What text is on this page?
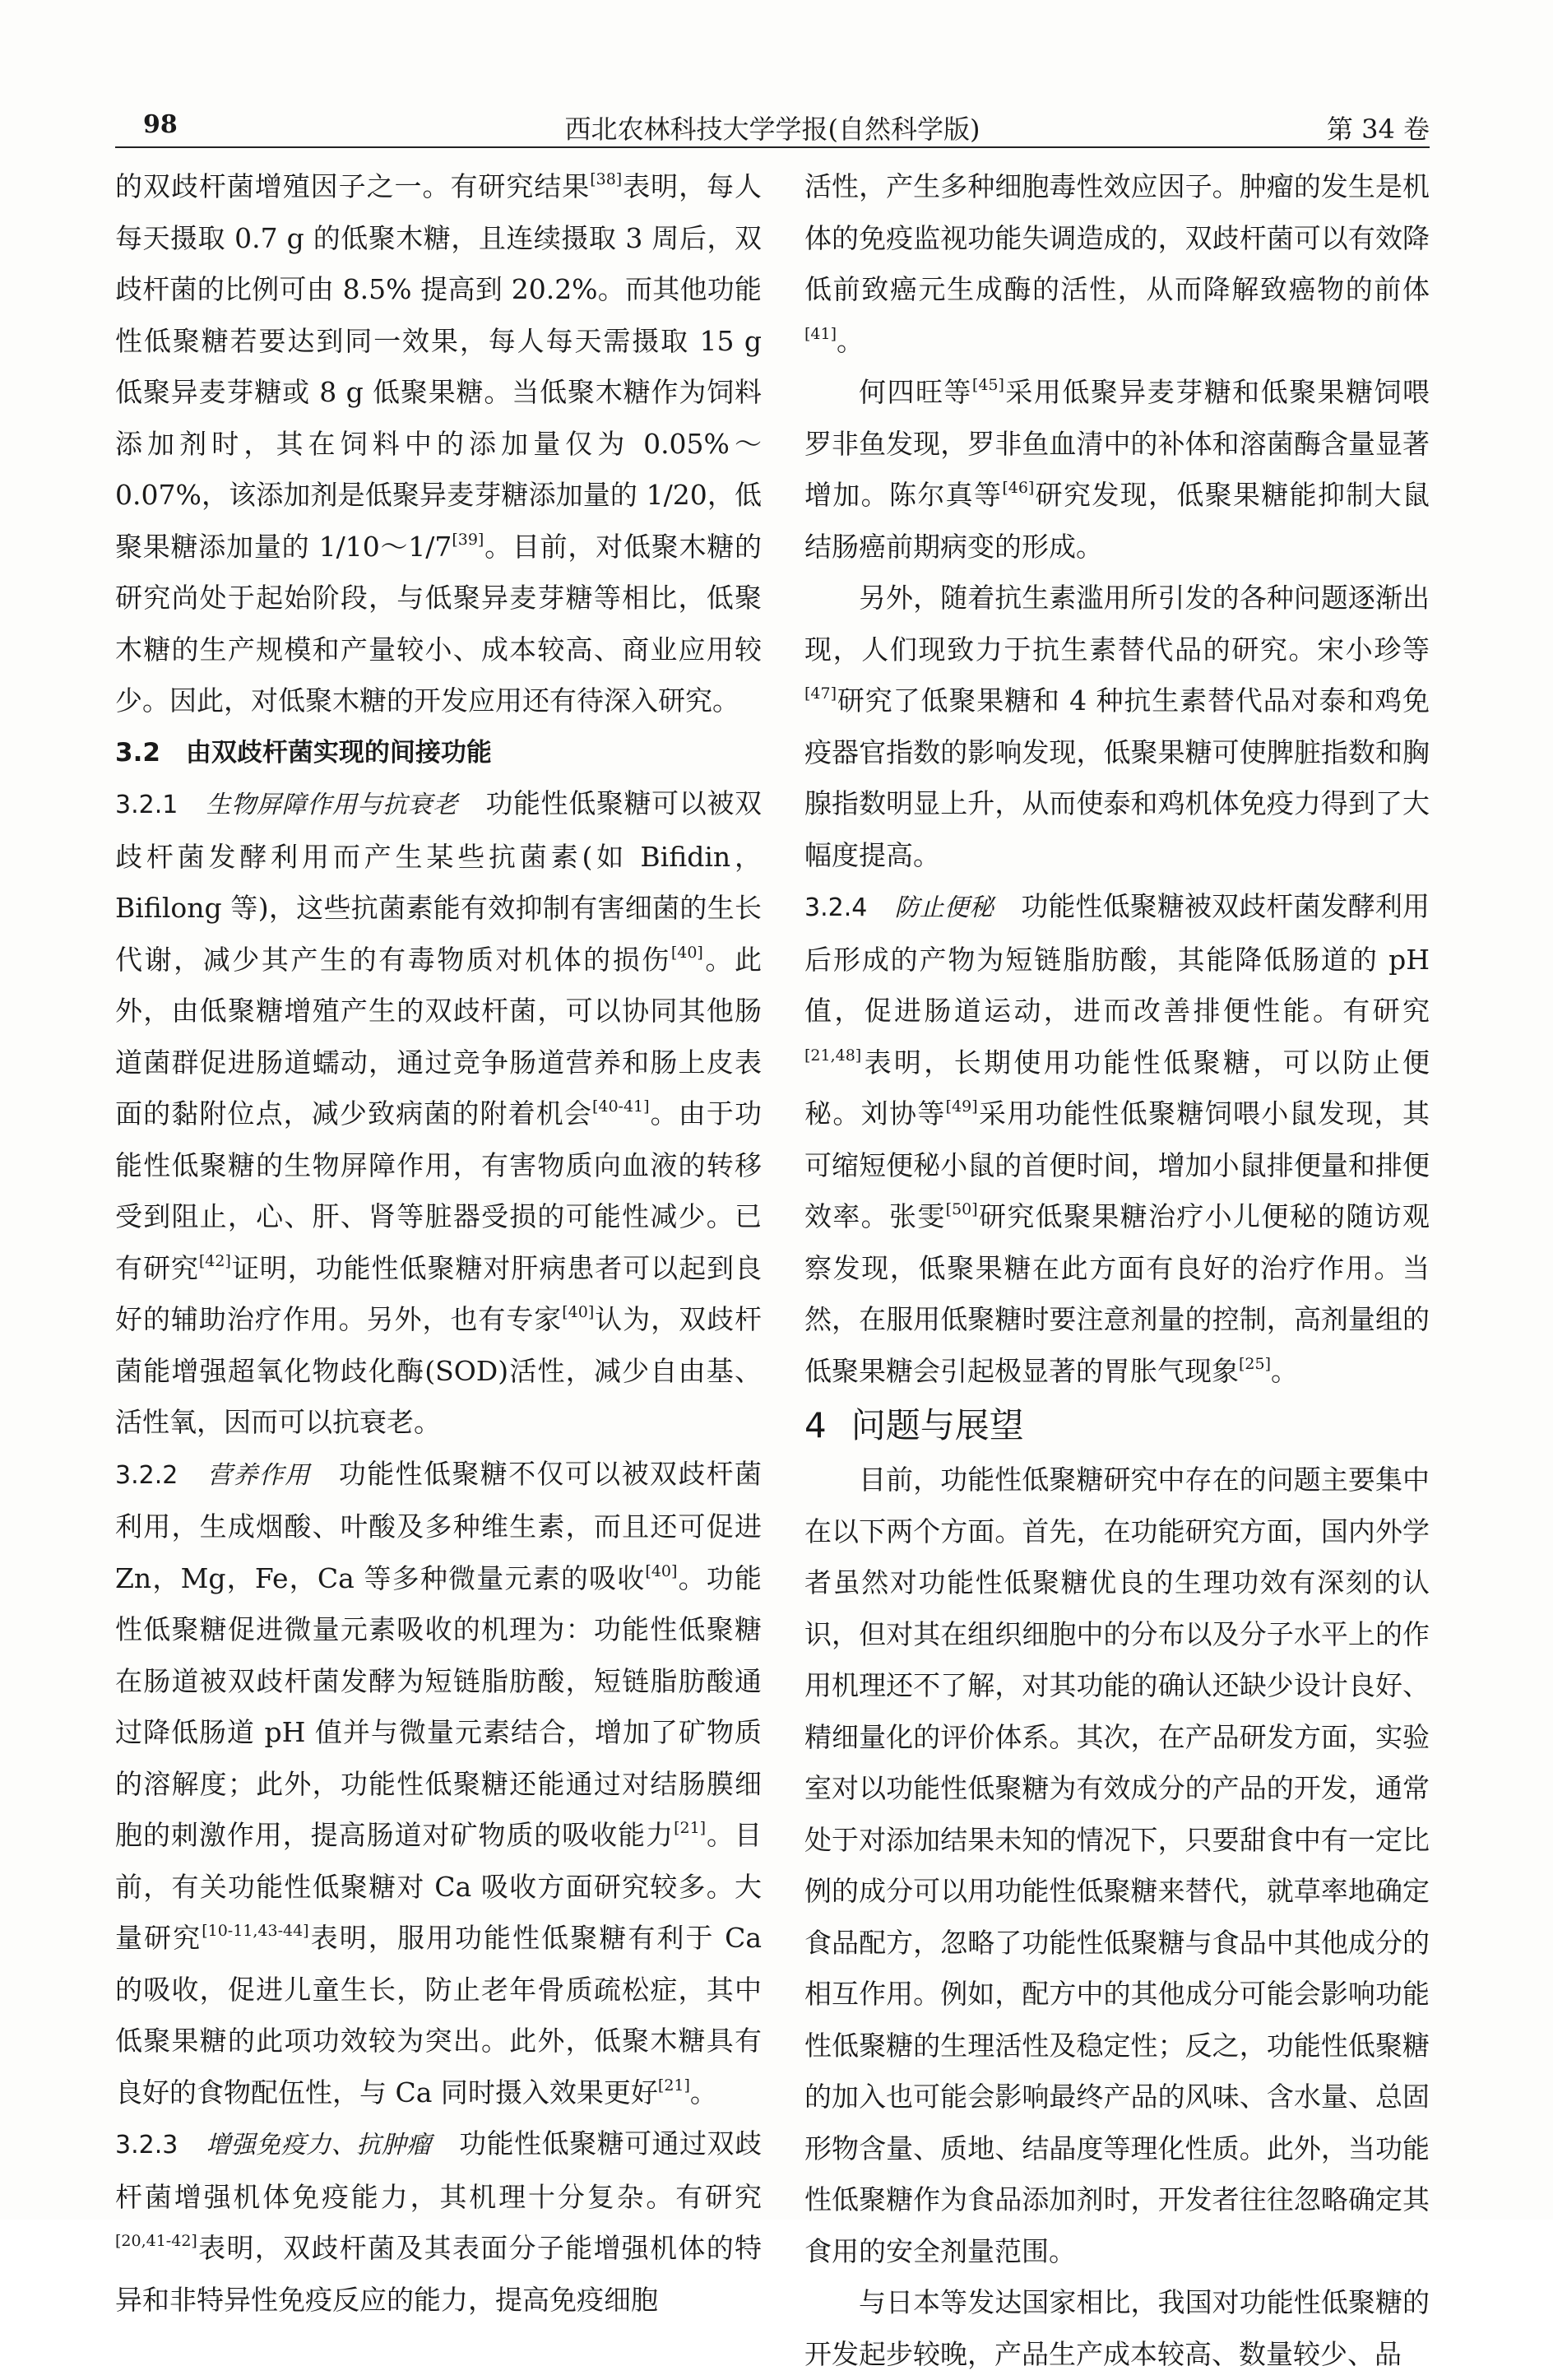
98	西北农林科技大学学报(自然科学版)	第 34 卷

的双歧杆菌增殖因子之一。有研究结果[38]表明，每人每天摄取 0.7 g 的低聚木糖，且连续摄取 3 周后，双歧杆菌的比例可由 8.5% 提高到 20.2%。而其他功能性低聚糖若要达到同一效果，每人每天需摄取 15 g 低聚异麦芽糖或 8 g 低聚果糖。当低聚木糖作为饲料添加剂时，其在饲料中的添加量仅为 0.05%～0.07%，该添加剂是低聚异麦芽糖添加量的 1/20，低聚果糖添加量的 1/10～1/7[39]。目前，对低聚木糖的研究尚处于起始阶段，与低聚异麦芽糖等相比，低聚木糖的生产规模和产量较小、成本较高、商业应用较少。因此，对低聚木糖的开发应用还有待深入研究。

3.2　由双歧杆菌实现的间接功能

3.2.1　 生物屏障作用与抗衰老　 功能性低聚糖可以被双歧杆菌发酵利用而产生某些抗菌素(如 Bifidin，Bifilong 等)，这些抗菌素能有效抑制有害细菌的生长代谢，减少其产生的有毒物质对机体的损伤[40]。此外，由低聚糖增殖产生的双歧杆菌，可以协同其他肠道菌群促进肠道蠕动，通过竞争肠道营养和肠上皮表面的黏附位点，减少致病菌的附着机会[40-41]。由于功能性低聚糖的生物屏障作用，有害物质向血液的转移受到阻止，心、肝、肾等脏器受损的可能性减少。已有研究[42]证明，功能性低聚糖对肝病患者可以起到良好的辅助治疗作用。另外，也有专家[40]认为，双歧杆菌能增强超氧化物歧化酶(SOD)活性，减少自由基、活性氧，因而可以抗衰老。

3.2.2　 营养作用　 功能性低聚糖不仅可以被双歧杆菌利用，生成烟酸、叶酸及多种维生素，而且还可促进 Zn，Mg，Fe，Ca 等多种微量元素的吸收[40]。功能性低聚糖促进微量元素吸收的机理为：功能性低聚糖在肠道被双歧杆菌发酵为短链脂肪酸，短链脂肪酸通过降低肠道 pH 值并与微量元素结合，增加了矿物质的溶解度；此外，功能性低聚糖还能通过对结肠膜细胞的刺激作用，提高肠道对矿物质的吸收能力[21]。目前，有关功能性低聚糖对 Ca 吸收方面研究较多。大量研究[10-11,43-44]表明，服用功能性低聚糖有利于 Ca 的吸收，促进儿童生长，防止老年骨质疏松症，其中低聚果糖的此项功效较为突出。此外，低聚木糖具有良好的食物配伍性，与 Ca 同时摄入效果更好[21]。

3.2.3　 增强免疫力、抗肿瘤　 功能性低聚糖可通过双歧杆菌增强机体免疫能力，其机理十分复杂。有研究[20,41-42]表明，双歧杆菌及其表面分子能增强机体的特异和非特异性免疫反应的能力，提高免疫细胞

活性，产生多种细胞毒性效应因子。肿瘤的发生是机体的免疫监视功能失调造成的，双歧杆菌可以有效降低前致癌元生成酶的活性，从而降解致癌物的前体[41]。

何四旺等[45]采用低聚异麦芽糖和低聚果糖饲喂罗非鱼发现，罗非鱼血清中的补体和溶菌酶含量显著增加。陈尔真等[46]研究发现，低聚果糖能抑制大鼠结肠癌前期病变的形成。

另外，随着抗生素滥用所引发的各种问题逐渐出现，人们现致力于抗生素替代品的研究。宋小珍等[47]研究了低聚果糖和 4 种抗生素替代品对泰和鸡免疫器官指数的影响发现，低聚果糖可使脾脏指数和胸腺指数明显上升，从而使泰和鸡机体免疫力得到了大幅度提高。

3.2.4　 防止便秘　 功能性低聚糖被双歧杆菌发酵利用后形成的产物为短链脂肪酸，其能降低肠道的 pH 值，促进肠道运动，进而改善排便性能。有研究[21,48]表明，长期使用功能性低聚糖，可以防止便秘。刘协等[49]采用功能性低聚糖饲喂小鼠发现，其可缩短便秘小鼠的首便时间，增加小鼠排便量和排便效率。张雯[50]研究低聚果糖治疗小儿便秘的随访观察发现，低聚果糖在此方面有良好的治疗作用。当然，在服用低聚糖时要注意剂量的控制，高剂量组的低聚果糖会引起极显著的胃胀气现象[25]。

4 问题与展望

目前，功能性低聚糖研究中存在的问题主要集中在以下两个方面。首先，在功能研究方面，国内外学者虽然对功能性低聚糖优良的生理功效有深刻的认识，但对其在组织细胞中的分布以及分子水平上的作用机理还不了解，对其功能的确认还缺少设计良好、精细量化的评价体系。其次，在产品研发方面，实验室对以功能性低聚糖为有效成分的产品的开发，通常处于对添加结果未知的情况下，只要甜食中有一定比例的成分可以用功能性低聚糖来替代，就草率地确定食品配方，忽略了功能性低聚糖与食品中其他成分的相互作用。例如，配方中的其他成分可能会影响功能性低聚糖的生理活性及稳定性；反之，功能性低聚糖的加入也可能会影响最终产品的风味、含水量、总固形物含量、质地、结晶度等理化性质。此外，当功能性低聚糖作为食品添加剂时，开发者往往忽略确定其食用的安全剂量范围。

与日本等发达国家相比，我国对功能性低聚糖的开发起步较晚，产品生产成本较高、数量较少、品
